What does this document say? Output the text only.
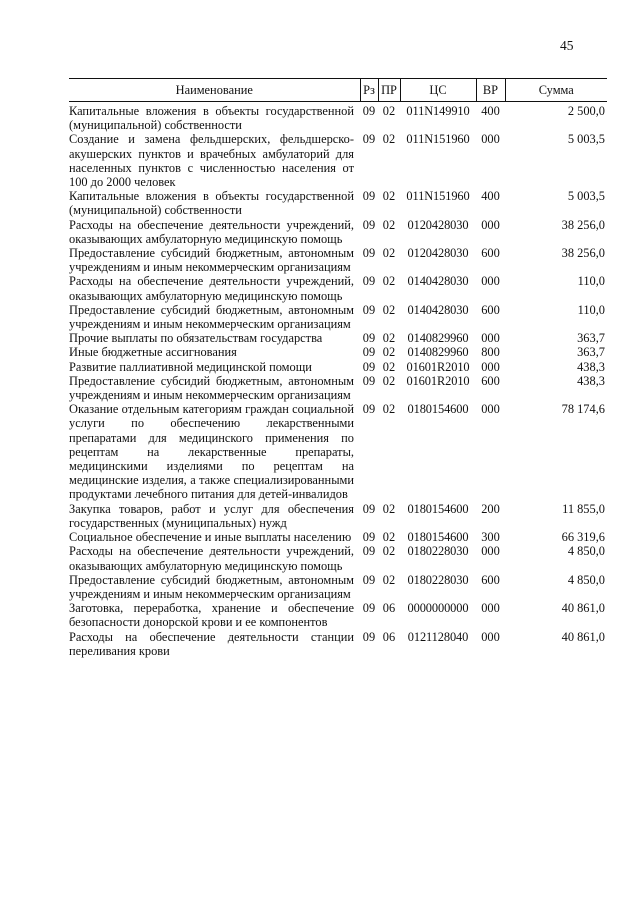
45
Наименование	Рз	ПР	ЦС	ВР	Сумма

Капитальные вложения в объекты государственной (муниципальной) собственности	09	02	011N149910	400	2 500,0
Создание и замена фельдшерских, фельдшерско-акушерских пунктов и врачебных амбулаторий для населенных пунктов с численностью населения от 100 до 2000 человек	09	02	011N151960	000	5 003,5
Капитальные вложения в объекты государственной (муниципальной) собственности	09	02	011N151960	400	5 003,5
Расходы на обеспечение деятельности учреждений, оказывающих амбулаторную медицинскую помощь	09	02	0120428030	000	38 256,0
Предоставление субсидий бюджетным, автономным учреждениям и иным некоммерческим организациям	09	02	0120428030	600	38 256,0
Расходы на обеспечение деятельности учреждений, оказывающих амбулаторную медицинскую помощь	09	02	0140428030	000	110,0
Предоставление субсидий бюджетным, автономным учреждениям и иным некоммерческим организациям	09	02	0140428030	600	110,0
Прочие выплаты по обязательствам государства	09	02	0140829960	000	363,7
Иные бюджетные ассигнования	09	02	0140829960	800	363,7
Развитие паллиативной медицинской помощи	09	02	01601R2010	000	438,3
Предоставление субсидий бюджетным, автономным учреждениям и иным некоммерческим организациям	09	02	01601R2010	600	438,3
Оказание отдельным категориям граждан социальной услуги по обеспечению лекарственными препаратами для медицинского применения по рецептам на лекарственные препараты, медицинскими изделиями по рецептам на медицинские изделия, а также специализированными продуктами лечебного питания для детей-инвалидов	09	02	0180154600	000	78 174,6
Закупка товаров, работ и услуг для обеспечения государственных (муниципальных) нужд	09	02	0180154600	200	11 855,0
Социальное обеспечение и иные выплаты населению	09	02	0180154600	300	66 319,6
Расходы на обеспечение деятельности учреждений, оказывающих амбулаторную медицинскую помощь	09	02	0180228030	000	4 850,0
Предоставление субсидий бюджетным, автономным учреждениям и иным некоммерческим организациям	09	02	0180228030	600	4 850,0
Заготовка, переработка, хранение и обеспечение безопасности донорской крови и ее компонентов	09	06	0000000000	000	40 861,0
Расходы на обеспечение деятельности станции переливания крови	09	06	0121128040	000	40 861,0
